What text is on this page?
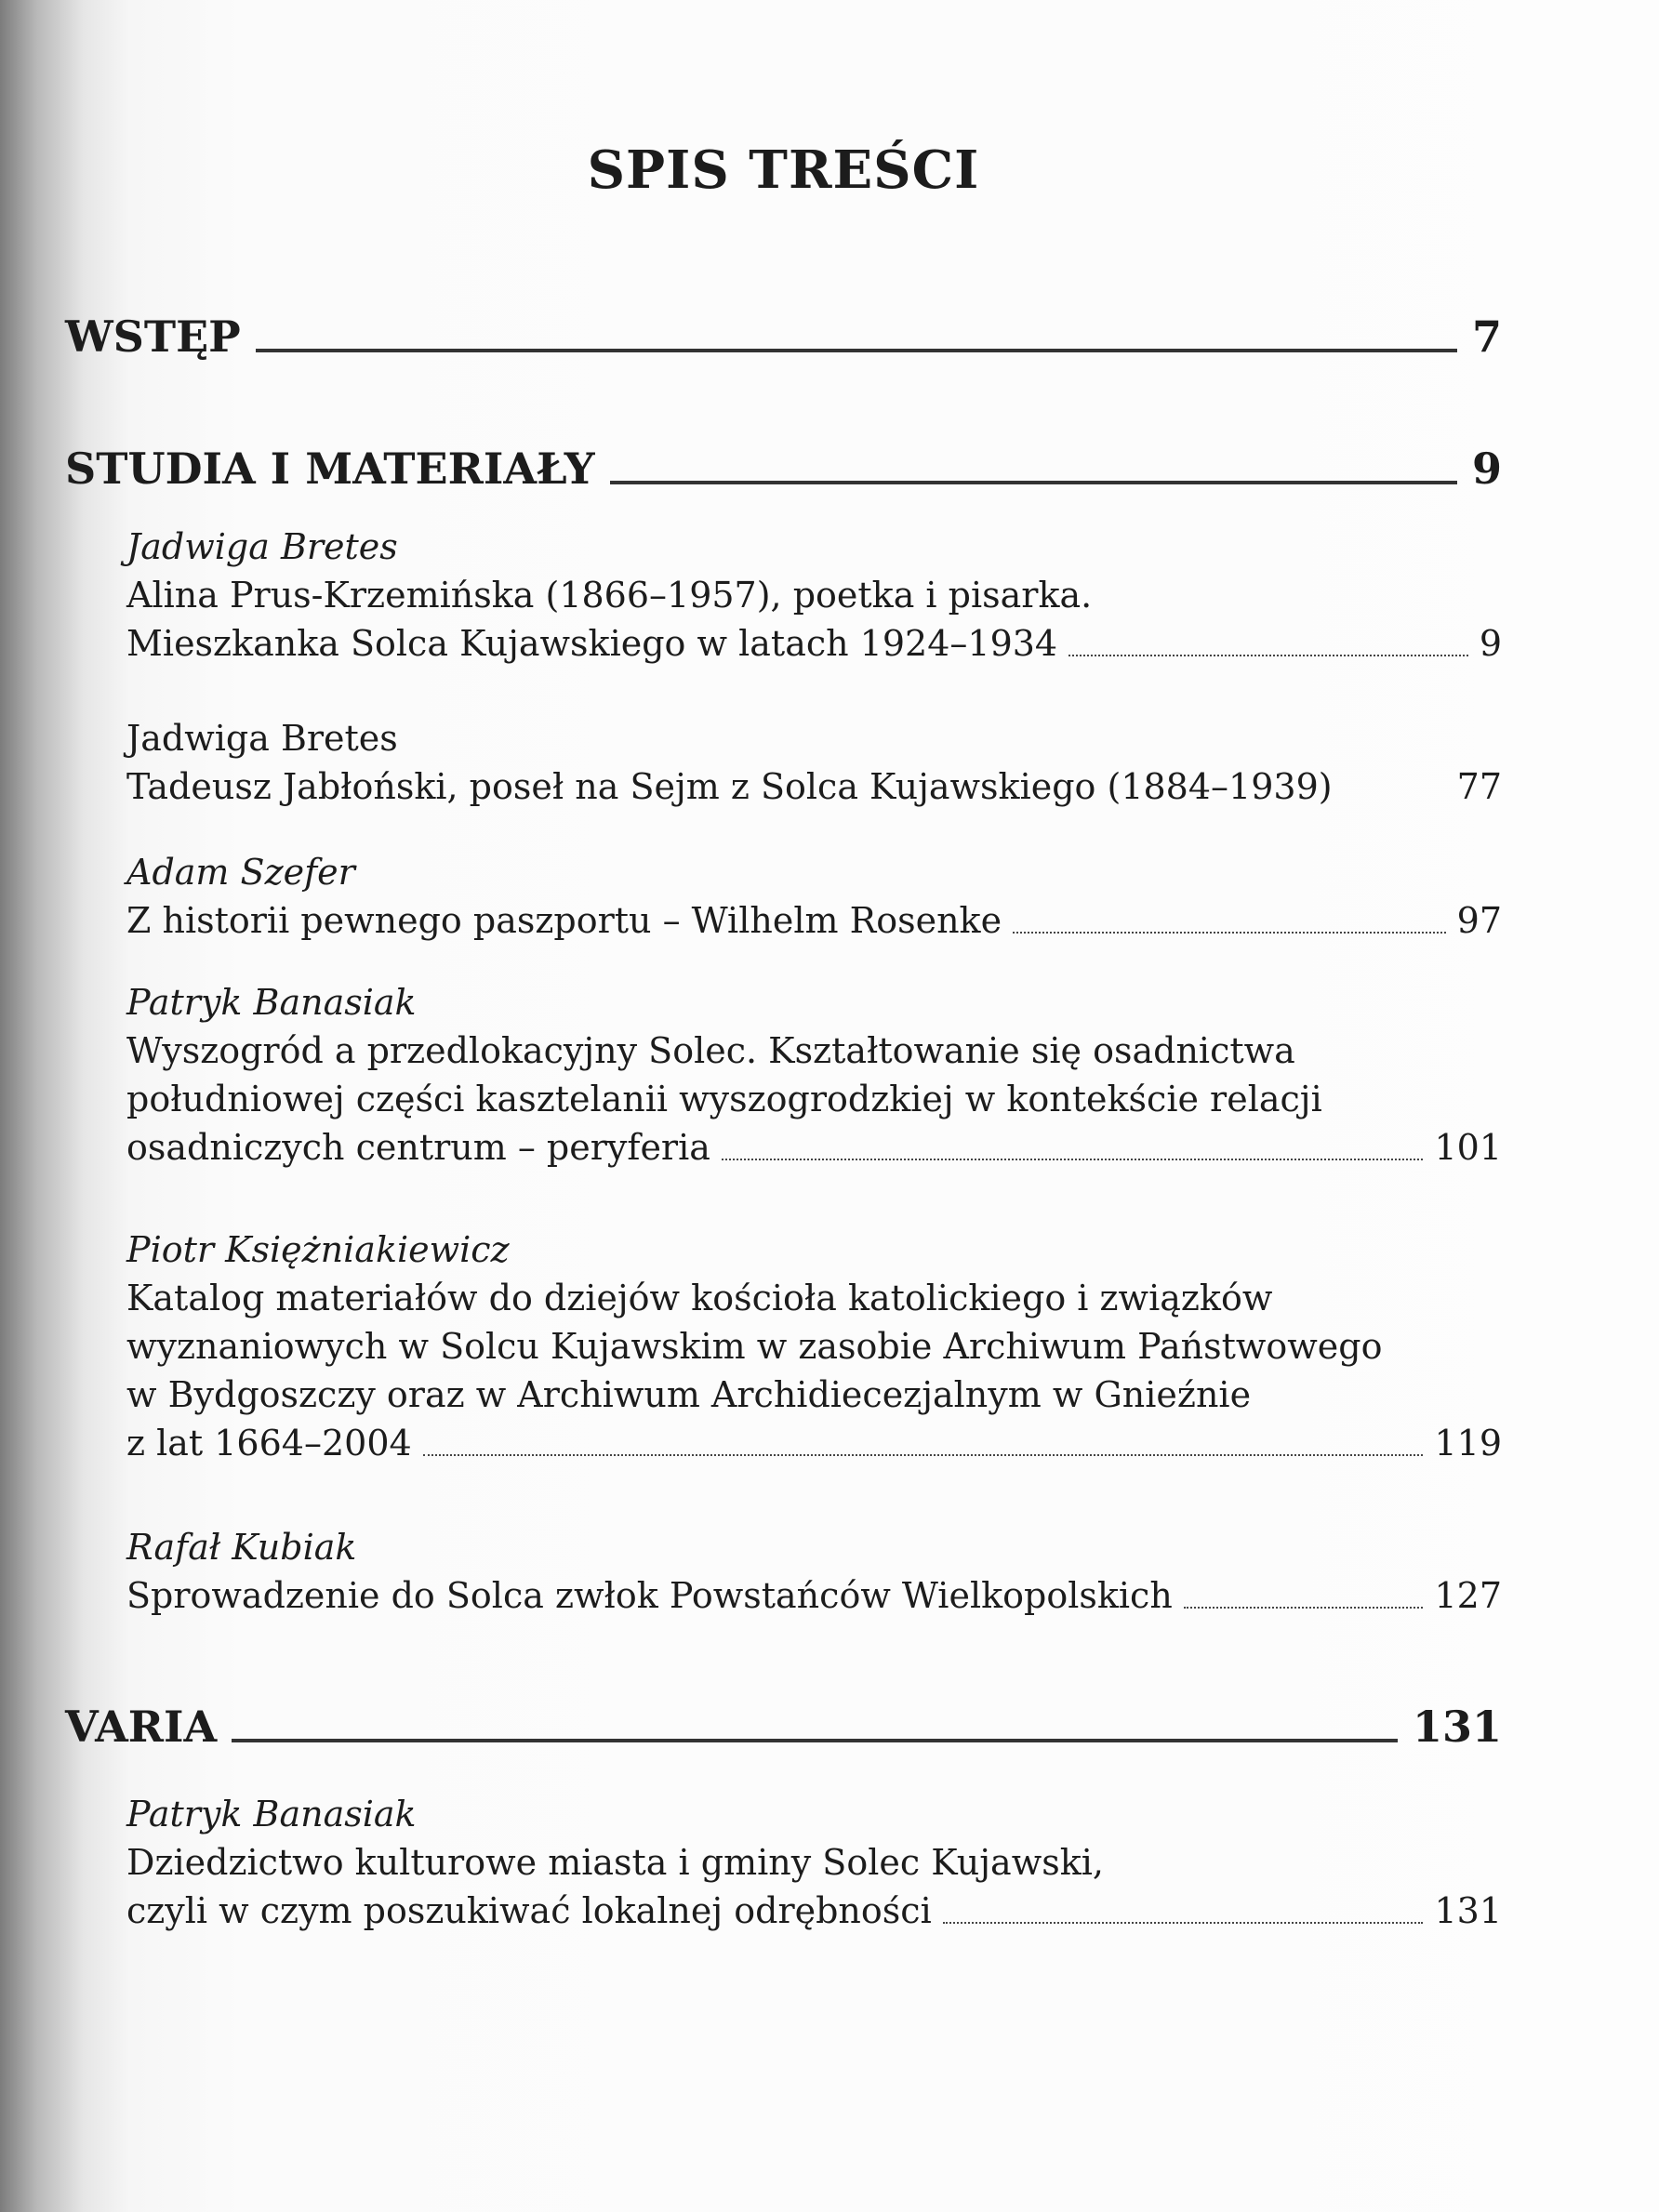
SPIS TREŚCI
WSTĘP	7
STUDIA I MATERIAŁY	9
Jadwiga Bretes
Alina Prus-Krzemińska (1866–1957), poetka i pisarka.
Mieszkanka Solca Kujawskiego w latach 1924–1934	9
Jadwiga Bretes
Tadeusz Jabłoński, poseł na Sejm z Solca Kujawskiego (1884–1939)	77
Adam Szefer
Z historii pewnego paszportu – Wilhelm Rosenke	97
Patryk Banasiak
Wyszogród a przedlokacyjny Solec. Kształtowanie się osadnictwa
południowej części kasztelanii wyszogrodzkiej w kontekście relacji
osadniczych centrum – peryferia	101
Piotr Księżniakiewicz
Katalog materiałów do dziejów kościoła katolickiego i związków
wyznaniowych w Solcu Kujawskim w zasobie Archiwum Państwowego
w Bydgoszczy oraz w Archiwum Archidiecezjalnym w Gnieźnie
z lat 1664–2004	119
Rafał Kubiak
Sprowadzenie do Solca zwłok Powstańców Wielkopolskich	127
VARIA	131
Patryk Banasiak
Dziedzictwo kulturowe miasta i gminy Solec Kujawski,
czyli w czym poszukiwać lokalnej odrębności	131
